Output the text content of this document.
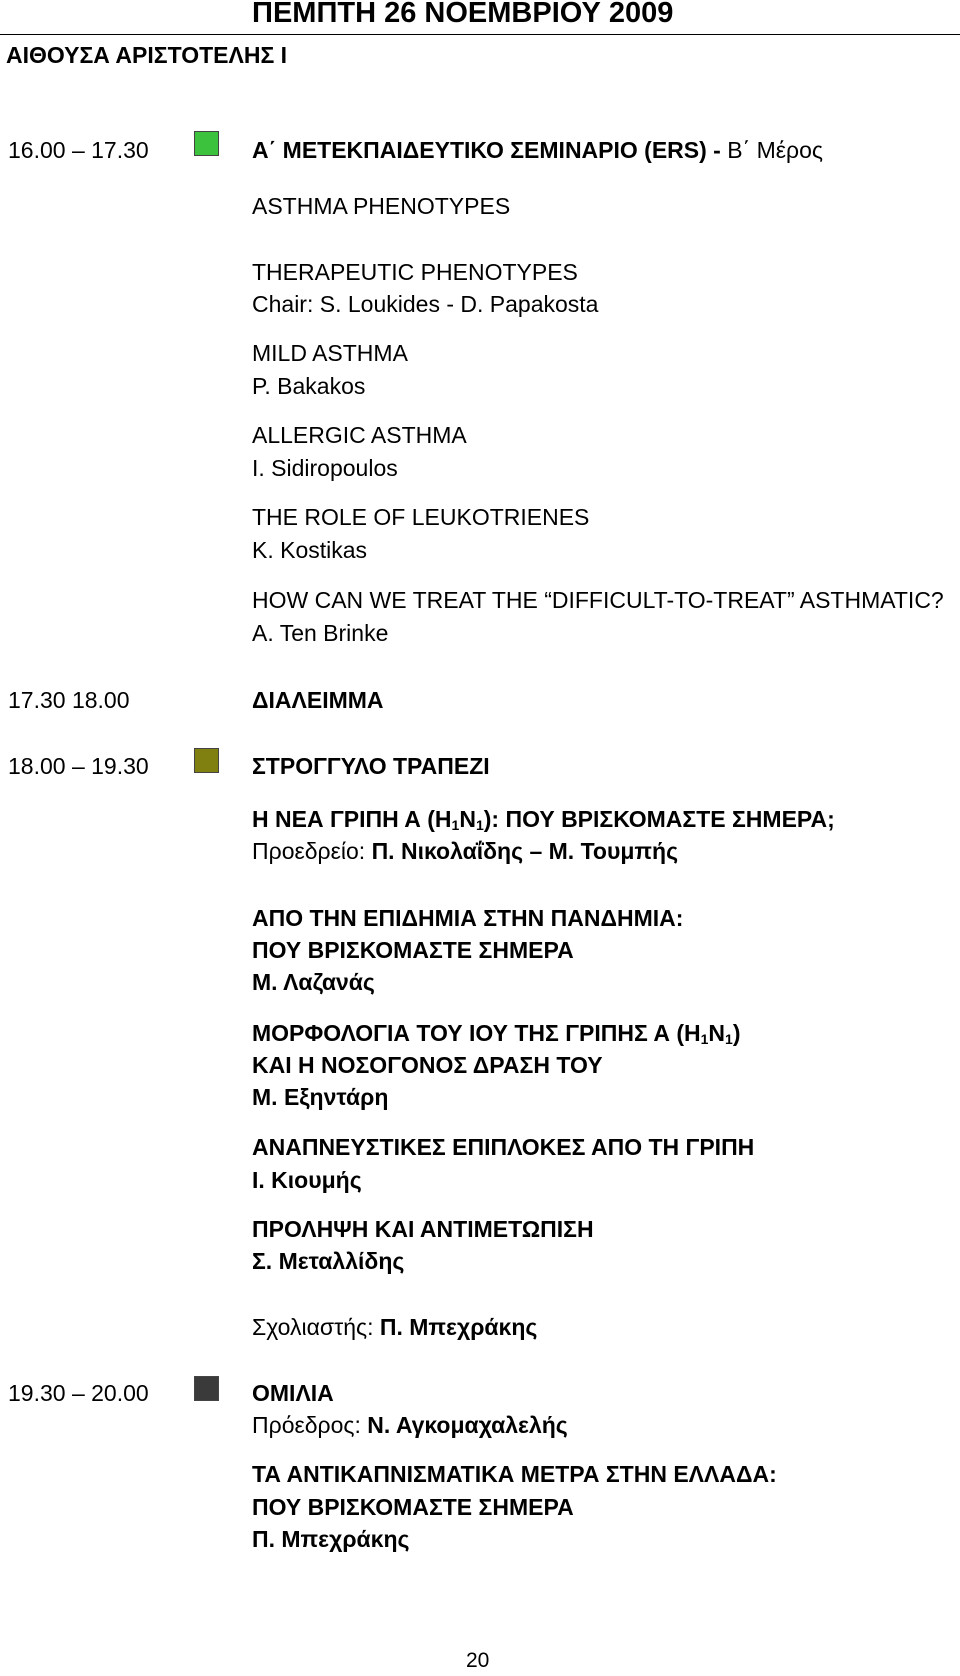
ΠΕΜΠΤΗ 26 ΝΟΕΜΒΡΙΟΥ 2009
ΑΙΘΟΥΣΑ ΑΡΙΣΤΟΤΕΛΗΣ Ι
16.00 – 17.30	Α΄ ΜΕΤΕΚΠΑΙΔΕΥΤΙΚΟ ΣΕΜΙΝΑΡΙΟ (ERS) - Β΄ Μέρος
ASTHMA PHENOTYPES
THERAPEUTIC PHENOTYPES
Chair: S. Loukides - D. Papakosta
MILD ASTHMA
P. Bakakos
ALLERGIC ASTHMA
I. Sidiropoulos
THE ROLE OF LEUKOTRIENES
K. Kostikas
HOW CAN WE TREAT THE “DIFFICULT-TO-TREAT” ASTHMATIC?
A. Ten Brinke
17.30 18.00	ΔΙΑΛΕΙΜΜΑ
18.00 – 19.30	ΣΤΡΟΓΓΥΛΟ ΤΡΑΠΕΖΙ
Η ΝΕΑ ΓΡΙΠΗ Α $(H_1N_1)$: ΠΟΥ ΒΡΙΣΚΟΜΑΣΤΕ ΣΗΜΕΡΑ;
Προεδρείο: Π. Νικολαΐδης – Μ. Τουμπής
ΑΠΟ ΤΗΝ ΕΠΙΔΗΜΙΑ ΣΤΗΝ ΠΑΝΔΗΜΙΑ:
ΠΟΥ ΒΡΙΣΚΟΜΑΣΤΕ ΣΗΜΕΡΑ
Μ. Λαζανάς
ΜΟΡΦΟΛΟΓΙΑ ΤΟΥ ΙΟΥ ΤΗΣ ΓΡΙΠΗΣ Α $(H_1N_1)$
ΚΑΙ Η ΝΟΣΟΓΟΝΟΣ ΔΡΑΣΗ ΤΟΥ
Μ. Εξηντάρη
ΑΝΑΠΝΕΥΣΤΙΚΕΣ ΕΠΙΠΛΟΚΕΣ ΑΠΟ ΤΗ ΓΡΙΠΗ
Ι. Κιουμής
ΠΡΟΛΗΨΗ ΚΑΙ ΑΝΤΙΜΕΤΩΠΙΣΗ
Σ. Μεταλλίδης
Σχολιαστής: Π. Μπεχράκης
19.30 – 20.00	ΟΜΙΛΙΑ
Πρόεδρος: Ν. Αγκομαχαλελής
ΤΑ ΑΝΤΙΚΑΠΝΙΣΜΑΤΙΚΑ ΜΕΤΡΑ ΣΤΗΝ ΕΛΛΑΔΑ:
ΠΟΥ ΒΡΙΣΚΟΜΑΣΤΕ ΣΗΜΕΡΑ
Π. Μπεχράκης
20
